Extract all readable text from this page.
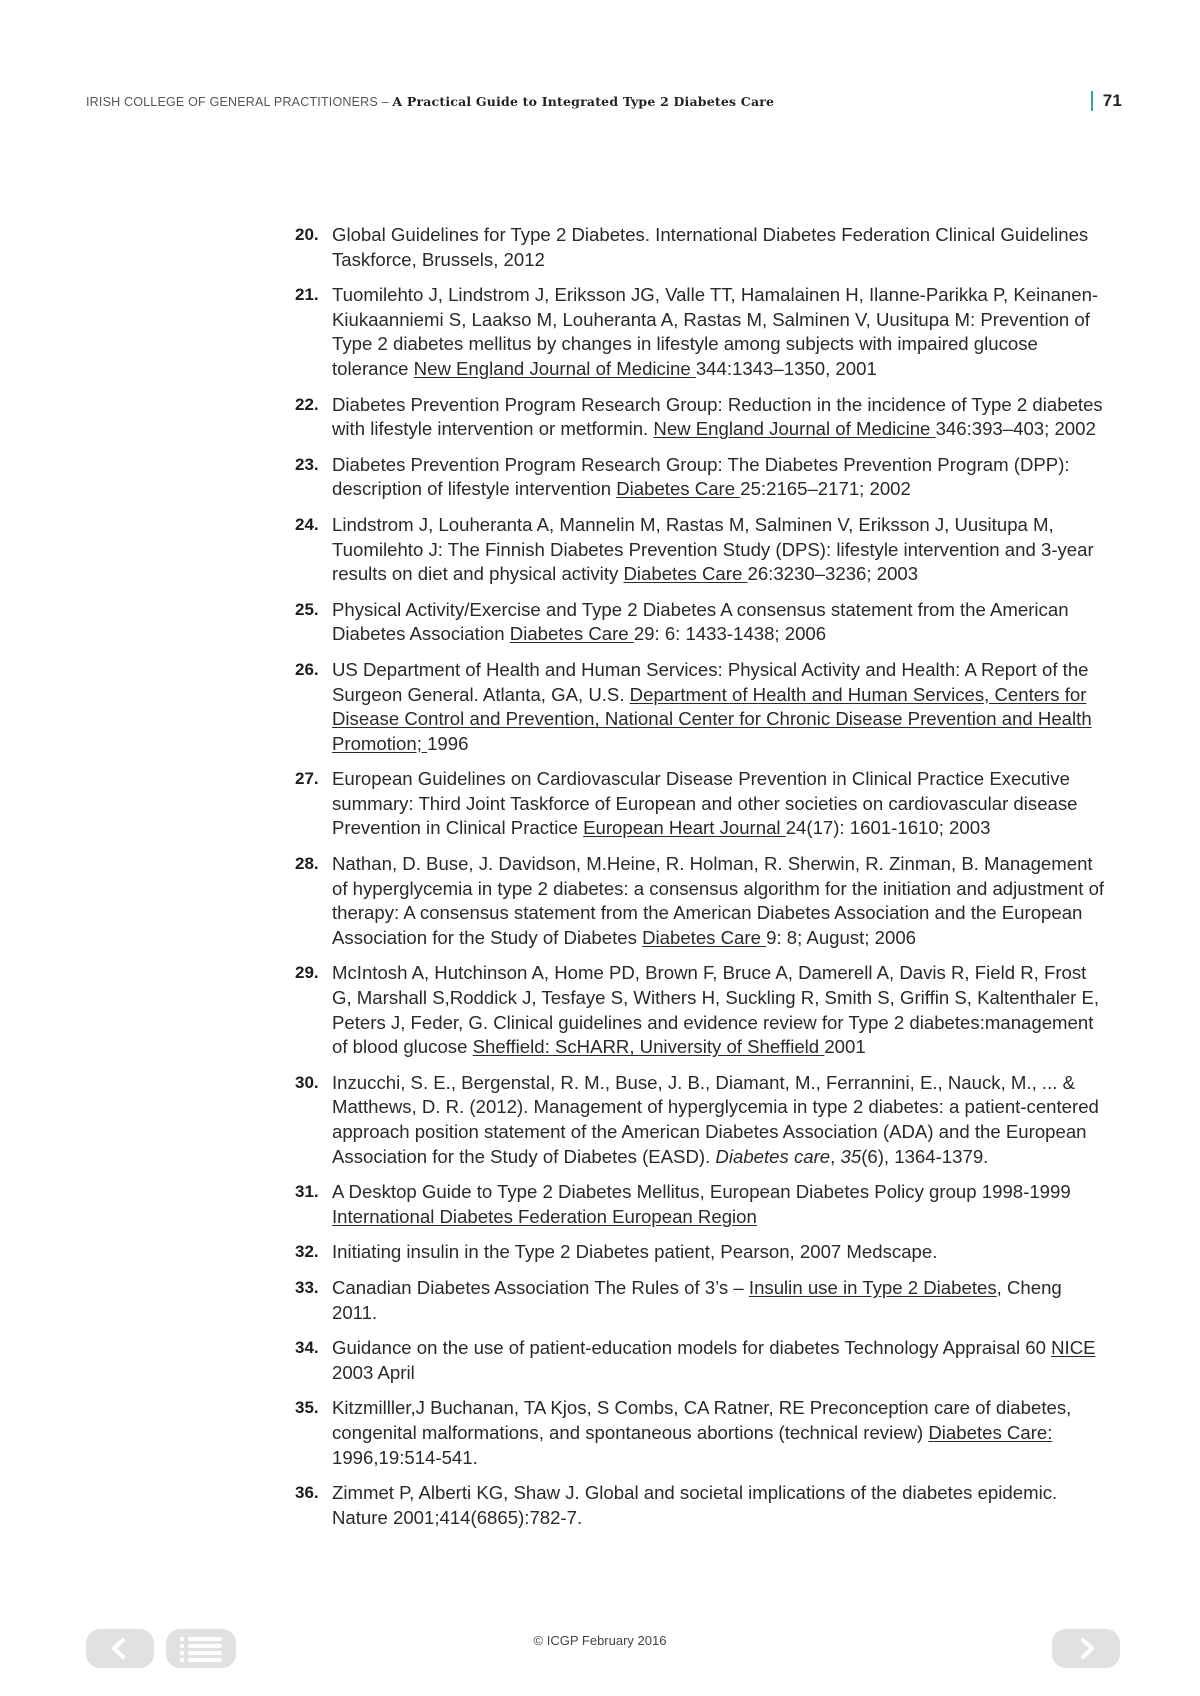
IRISH COLLEGE OF GENERAL PRACTITIONERS – A Practical Guide to Integrated Type 2 Diabetes Care	71
20. Global Guidelines for Type 2 Diabetes. International Diabetes Federation Clinical Guidelines Taskforce, Brussels, 2012
21. Tuomilehto J, Lindstrom J, Eriksson JG, Valle TT, Hamalainen H, Ilanne-Parikka P, Keinanen-Kiukaanniemi S, Laakso M, Louheranta A, Rastas M, Salminen V, Uusitupa M: Prevention of Type 2 diabetes mellitus by changes in lifestyle among subjects with impaired glucose tolerance New England Journal of Medicine 344:1343–1350, 2001
22. Diabetes Prevention Program Research Group: Reduction in the incidence of Type 2 diabetes with lifestyle intervention or metformin. New England Journal of Medicine 346:393–403; 2002
23. Diabetes Prevention Program Research Group: The Diabetes Prevention Program (DPP): description of lifestyle intervention Diabetes Care 25:2165–2171; 2002
24. Lindstrom J, Louheranta A, Mannelin M, Rastas M, Salminen V, Eriksson J, Uusitupa M, Tuomilehto J: The Finnish Diabetes Prevention Study (DPS): lifestyle intervention and 3-year results on diet and physical activity Diabetes Care 26:3230–3236; 2003
25. Physical Activity/Exercise and Type 2 Diabetes A consensus statement from the American Diabetes Association Diabetes Care 29: 6: 1433-1438; 2006
26. US Department of Health and Human Services: Physical Activity and Health: A Report of the Surgeon General. Atlanta, GA, U.S. Department of Health and Human Services, Centers for Disease Control and Prevention, National Center for Chronic Disease Prevention and Health Promotion; 1996
27. European Guidelines on Cardiovascular Disease Prevention in Clinical Practice Executive summary: Third Joint Taskforce of European and other societies on cardiovascular disease Prevention in Clinical Practice European Heart Journal 24(17): 1601-1610; 2003
28. Nathan, D. Buse, J. Davidson, M.Heine, R. Holman, R. Sherwin, R. Zinman, B. Management of hyperglycemia in type 2 diabetes: a consensus algorithm for the initiation and adjustment of therapy: A consensus statement from the American Diabetes Association and the European Association for the Study of Diabetes Diabetes Care 9: 8; August; 2006
29. McIntosh A, Hutchinson A, Home PD, Brown F, Bruce A, Damerell A, Davis R, Field R, Frost G, Marshall S,Roddick J, Tesfaye S, Withers H, Suckling R, Smith S, Griffin S, Kaltenthaler E, Peters J, Feder, G. Clinical guidelines and evidence review for Type 2 diabetes:management of blood glucose Sheffield: ScHARR, University of Sheffield 2001
30. Inzucchi, S. E., Bergenstal, R. M., Buse, J. B., Diamant, M., Ferrannini, E., Nauck, M., ... & Matthews, D. R. (2012). Management of hyperglycemia in type 2 diabetes: a patient-centered approach position statement of the American Diabetes Association (ADA) and the European Association for the Study of Diabetes (EASD). Diabetes care, 35(6), 1364-1379.
31. A Desktop Guide to Type 2 Diabetes Mellitus, European Diabetes Policy group 1998-1999 International Diabetes Federation European Region
32. Initiating insulin in the Type 2 Diabetes patient, Pearson, 2007 Medscape.
33. Canadian Diabetes Association The Rules of 3’s – Insulin use in Type 2 Diabetes, Cheng 2011.
34. Guidance on the use of patient-education models for diabetes Technology Appraisal 60 NICE 2003 April
35. Kitzmilller,J Buchanan, TA Kjos, S Combs, CA Ratner, RE Preconception care of diabetes, congenital malformations, and spontaneous abortions (technical review) Diabetes Care: 1996,19:514-541.
36. Zimmet P, Alberti KG, Shaw J. Global and societal implications of the diabetes epidemic. Nature 2001;414(6865):782-7.
© ICGP February 2016
